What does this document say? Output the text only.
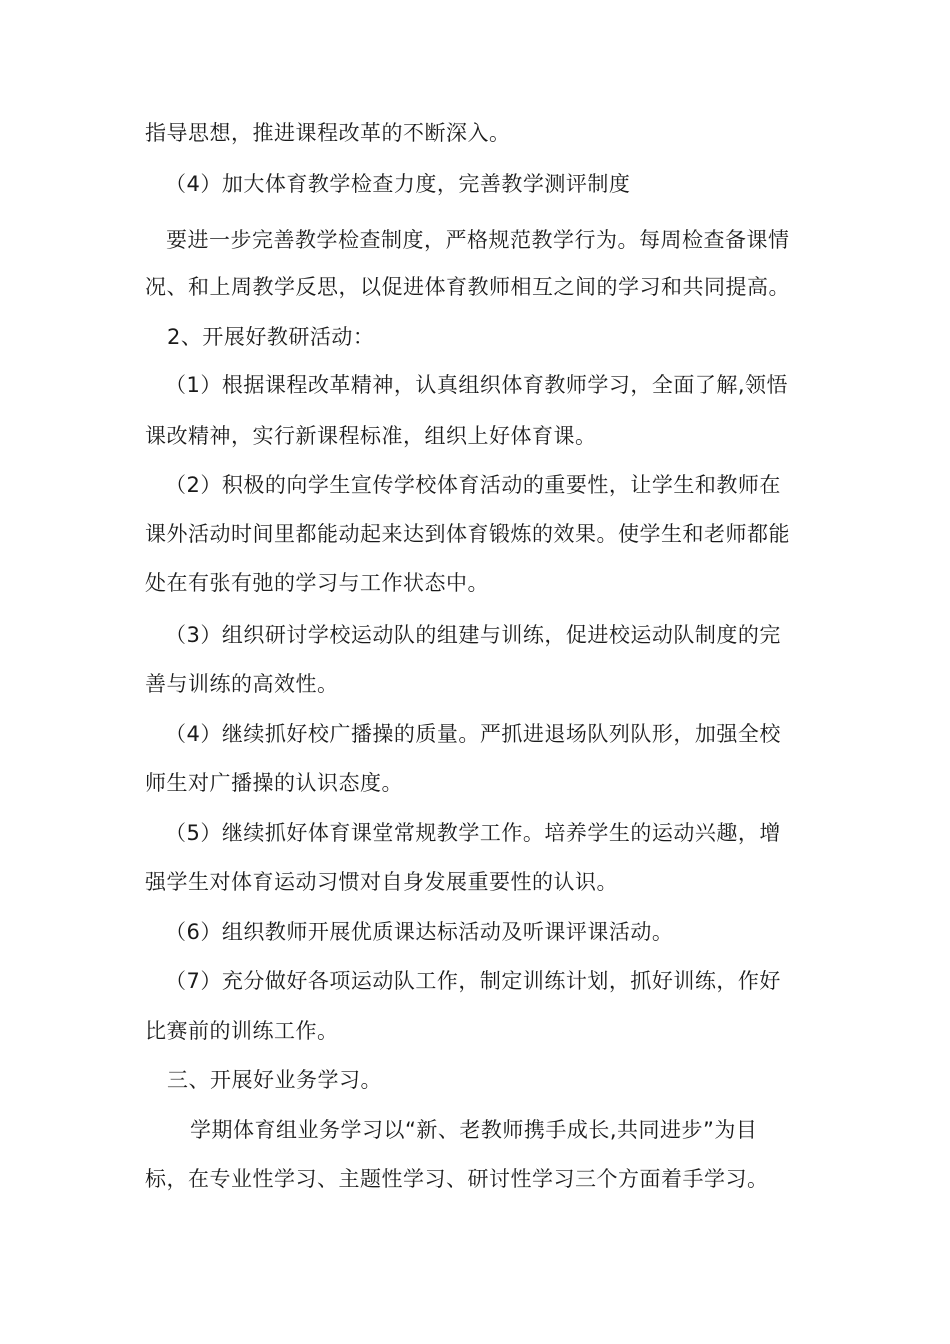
指导思想，推进课程改革的不断深入。
（4）加大体育教学检查力度，完善教学测评制度
要进一步完善教学检查制度，严格规范教学行为。每周检查备课情
况、和上周教学反思，以促进体育教师相互之间的学习和共同提高。
2、开展好教研活动：
（1）根据课程改革精神，认真组织体育教师学习，全面了解,领悟
课改精神，实行新课程标准，组织上好体育课。
（2）积极的向学生宣传学校体育活动的重要性，让学生和教师在
课外活动时间里都能动起来达到体育锻炼的效果。使学生和老师都能
处在有张有弛的学习与工作状态中。
（3）组织研讨学校运动队的组建与训练，促进校运动队制度的完
善与训练的高效性。
（4）继续抓好校广播操的质量。严抓进退场队列队形，加强全校
师生对广播操的认识态度。
（5）继续抓好体育课堂常规教学工作。培养学生的运动兴趣，增
强学生对体育运动习惯对自身发展重要性的认识。
（6）组织教师开展优质课达标活动及听课评课活动。
（7）充分做好各项运动队工作，制定训练计划，抓好训练，作好
比赛前的训练工作。
三、开展好业务学习。
学期体育组业务学习以“新、老教师携手成长,共同进步”为目
标，在专业性学习、主题性学习、研讨性学习三个方面着手学习。
